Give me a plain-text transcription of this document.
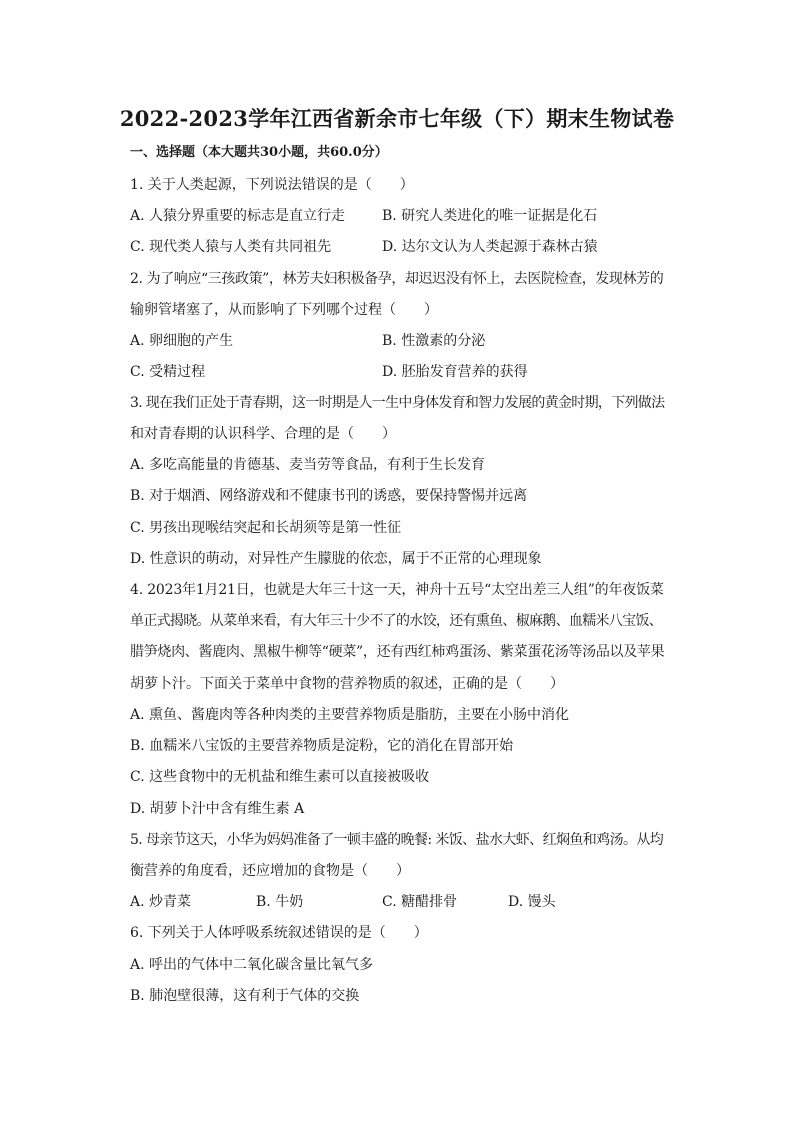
2022-2023学年江西省新余市七年级（下）期末生物试卷
一、选择题（本大题共30小题，共60.0分）
1. 关于人类起源，下列说法错误的是（　　）
A. 人猿分界重要的标志是直立行走	B. 研究人类进化的唯一证据是化石
C. 现代类人猿与人类有共同祖先	D. 达尔文认为人类起源于森林古猿
2. 为了响应“三孩政策”，林芳夫妇积极备孕，却迟迟没有怀上，去医院检查，发现林芳的
输卵管堵塞了，从而影响了下列哪个过程（　　）
A. 卵细胞的产生	B. 性激素的分泌
C. 受精过程	D. 胚胎发育营养的获得
3. 现在我们正处于青春期，这一时期是人一生中身体发育和智力发展的黄金时期，下列做法
和对青春期的认识科学、合理的是（　　）
A. 多吃高能量的肯德基、麦当劳等食品，有利于生长发育
B. 对于烟酒、网络游戏和不健康书刊的诱惑，要保持警惕并远离
C. 男孩出现喉结突起和长胡须等是第一性征
D. 性意识的萌动，对异性产生朦胧的依恋，属于不正常的心理现象
4. 2023年1月21日，也就是大年三十这一天，神舟十五号“太空出差三人组”的年夜饭菜
单正式揭晓。从菜单来看，有大年三十少不了的水饺，还有熏鱼、椒麻鹅、血糯米八宝饭、
腊笋烧肉、酱鹿肉、黑椒牛柳等“硬菜”，还有西红柿鸡蛋汤、紫菜蛋花汤等汤品以及苹果
胡萝卜汁。下面关于菜单中食物的营养物质的叙述，正确的是（　　）
A. 熏鱼、酱鹿肉等各种肉类的主要营养物质是脂肪，主要在小肠中消化
B. 血糯米八宝饭的主要营养物质是淀粉，它的消化在胃部开始
C. 这些食物中的无机盐和维生素可以直接被吸收
D. 胡萝卜汁中含有维生素 A
5. 母亲节这天，小华为妈妈准备了一顿丰盛的晚餐: 米饭、盐水大虾、红焖鱼和鸡汤。从均
衡营养的角度看，还应增加的食物是（　　）
A. 炒青菜	B. 牛奶	C. 糖醋排骨	D. 馒头
6. 下列关于人体呼吸系统叙述错误的是（　　）
A. 呼出的气体中二氧化碳含量比氧气多
B. 肺泡壁很薄，这有利于气体的交换
